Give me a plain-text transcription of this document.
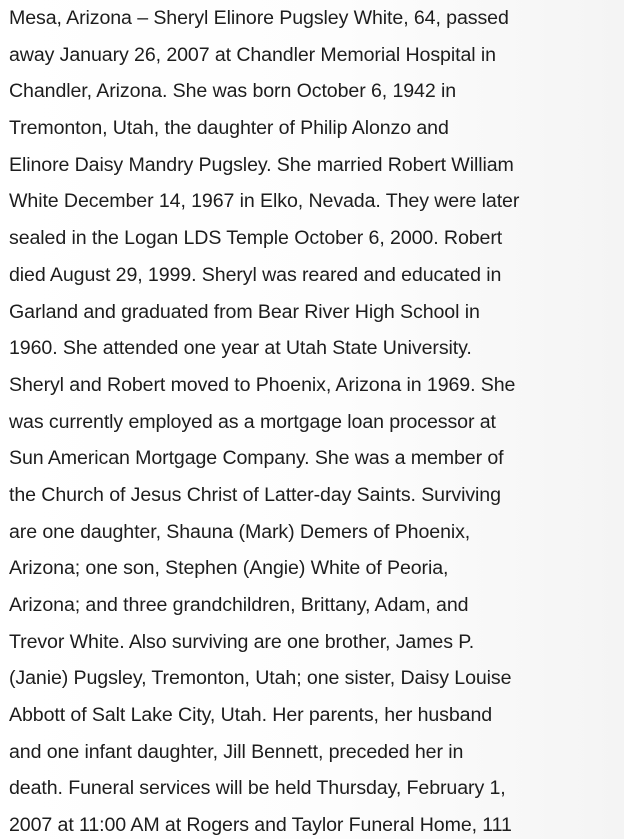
Mesa, Arizona – Sheryl Elinore Pugsley White, 64, passed
away January 26, 2007 at Chandler Memorial Hospital in
Chandler, Arizona. She was born October 6, 1942 in
Tremonton, Utah, the daughter of Philip Alonzo and
Elinore Daisy Mandry Pugsley. She married Robert William
White December 14, 1967 in Elko, Nevada. They were later
sealed in the Logan LDS Temple October 6, 2000. Robert
died August 29, 1999. Sheryl was reared and educated in
Garland and graduated from Bear River High School in
1960. She attended one year at Utah State University.
Sheryl and Robert moved to Phoenix, Arizona in 1969. She
was currently employed as a mortgage loan processor at
Sun American Mortgage Company. She was a member of
the Church of Jesus Christ of Latter-day Saints. Surviving
are one daughter, Shauna (Mark) Demers of Phoenix,
Arizona; one son, Stephen (Angie) White of Peoria,
Arizona; and three grandchildren, Brittany, Adam, and
Trevor White. Also surviving are one brother, James P.
(Janie) Pugsley, Tremonton, Utah; one sister, Daisy Louise
Abbott of Salt Lake City, Utah. Her parents, her husband
and one infant daughter, Jill Bennett, preceded her in
death. Funeral services will be held Thursday, February 1,
2007 at 11:00 AM at Rogers and Taylor Funeral Home, 111
